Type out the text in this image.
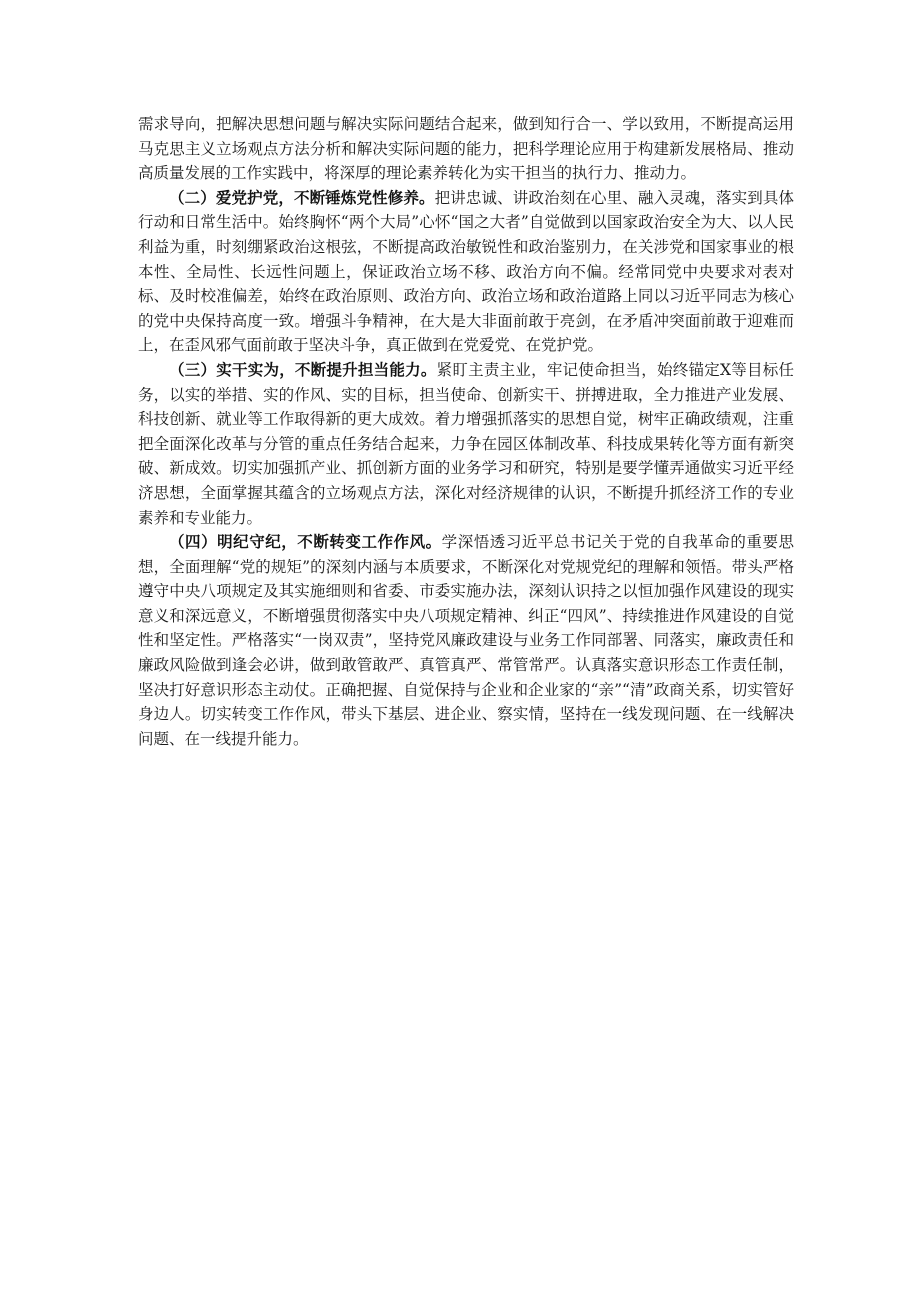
需求导向，把解决思想问题与解决实际问题结合起来，做到知行合一、学以致用，不断提高运用马克思主义立场观点方法分析和解决实际问题的能力，把科学理论应用于构建新发展格局、推动高质量发展的工作实践中，将深厚的理论素养转化为实干担当的执行力、推动力。

（二）爱党护党，不断锤炼党性修养。把讲忠诚、讲政治刻在心里、融入灵魂，落实到具体行动和日常生活中。始终胸怀“两个大局”心怀“国之大者”自觉做到以国家政治安全为大、以人民利益为重，时刻绷紧政治这根弦，不断提高政治敏锐性和政治鉴别力，在关涉党和国家事业的根本性、全局性、长远性问题上，保证政治立场不移、政治方向不偏。经常同党中央要求对表对标、及时校准偏差，始终在政治原则、政治方向、政治立场和政治道路上同以习近平同志为核心的党中央保持高度一致。增强斗争精神，在大是大非面前敢于亮剑，在矛盾冲突面前敢于迎难而上，在歪风邪气面前敢于坚决斗争，真正做到在党爱党、在党护党。

（三）实干实为，不断提升担当能力。紧盯主责主业，牢记使命担当，始终锚定X等目标任务，以实的举措、实的作风、实的目标，担当使命、创新实干、拼搏进取，全力推进产业发展、科技创新、就业等工作取得新的更大成效。着力增强抓落实的思想自觉，树牢正确政绩观，注重把全面深化改革与分管的重点任务结合起来，力争在园区体制改革、科技成果转化等方面有新突破、新成效。切实加强抓产业、抓创新方面的业务学习和研究，特别是要学懂弄通做实习近平经济思想，全面掌握其蕴含的立场观点方法，深化对经济规律的认识，不断提升抓经济工作的专业素养和专业能力。

（四）明纪守纪，不断转变工作作风。学深悟透习近平总书记关于党的自我革命的重要思想，全面理解“党的规矩”的深刻内涵与本质要求，不断深化对党规党纪的理解和领悟。带头严格遵守中央八项规定及其实施细则和省委、市委实施办法，深刻认识持之以恒加强作风建设的现实意义和深远意义，不断增强贯彻落实中央八项规定精神、纠正“四风”、持续推进作风建设的自觉性和坚定性。严格落实“一岗双责”，坚持党风廉政建设与业务工作同部署、同落实，廉政责任和廉政风险做到逢会必讲，做到敢管敢严、真管真严、常管常严。认真落实意识形态工作责任制，坚决打好意识形态主动仗。正确把握、自觉保持与企业和企业家的“亲”“清”政商关系，切实管好身边人。切实转变工作作风，带头下基层、进企业、察实情，坚持在一线发现问题、在一线解决问题、在一线提升能力。
